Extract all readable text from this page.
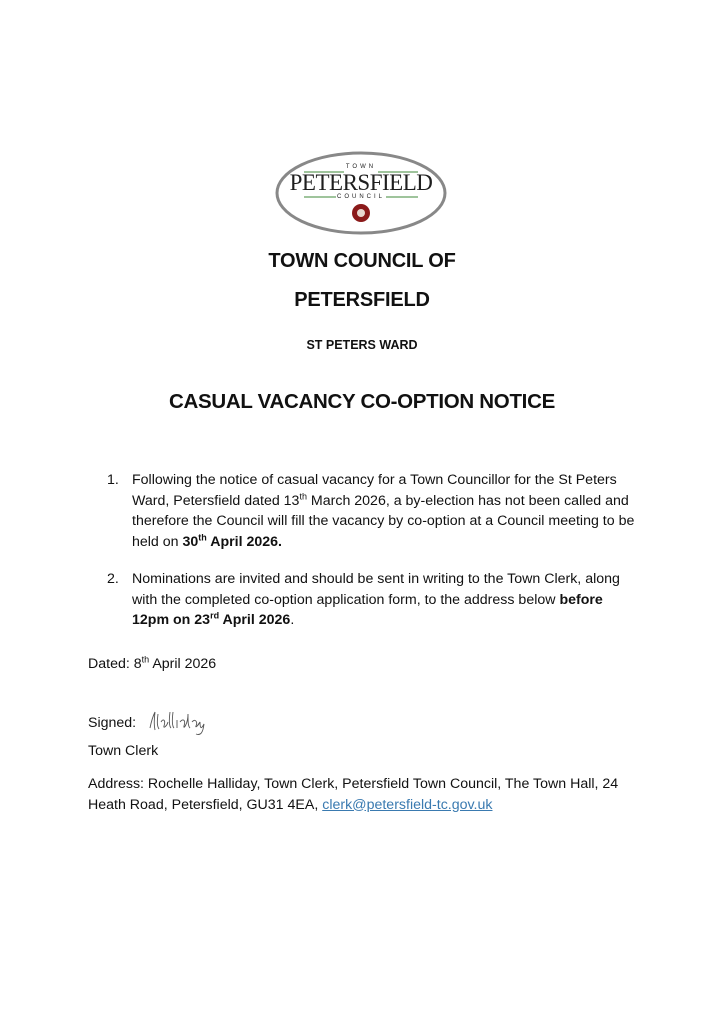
TOWN
PETERSFIELD
COUNCIL
TOWN COUNCIL OF
PETERSFIELD
ST PETERS WARD
CASUAL VACANCY CO-OPTION NOTICE
1. Following the notice of casual vacancy for a Town Councillor for the St Peters Ward, Petersfield dated 13th March 2026, a by-election has not been called and therefore the Council will fill the vacancy by co-option at a Council meeting to be held on 30th April 2026.
2. Nominations are invited and should be sent in writing to the Town Clerk, along with the completed co-option application form, to the address below before 12pm on 23rd April 2026.
Dated: 8th April 2026
Signed:
Town Clerk
Address: Rochelle Halliday, Town Clerk, Petersfield Town Council, The Town Hall, 24 Heath Road, Petersfield, GU31 4EA, clerk@petersfield-tc.gov.uk
